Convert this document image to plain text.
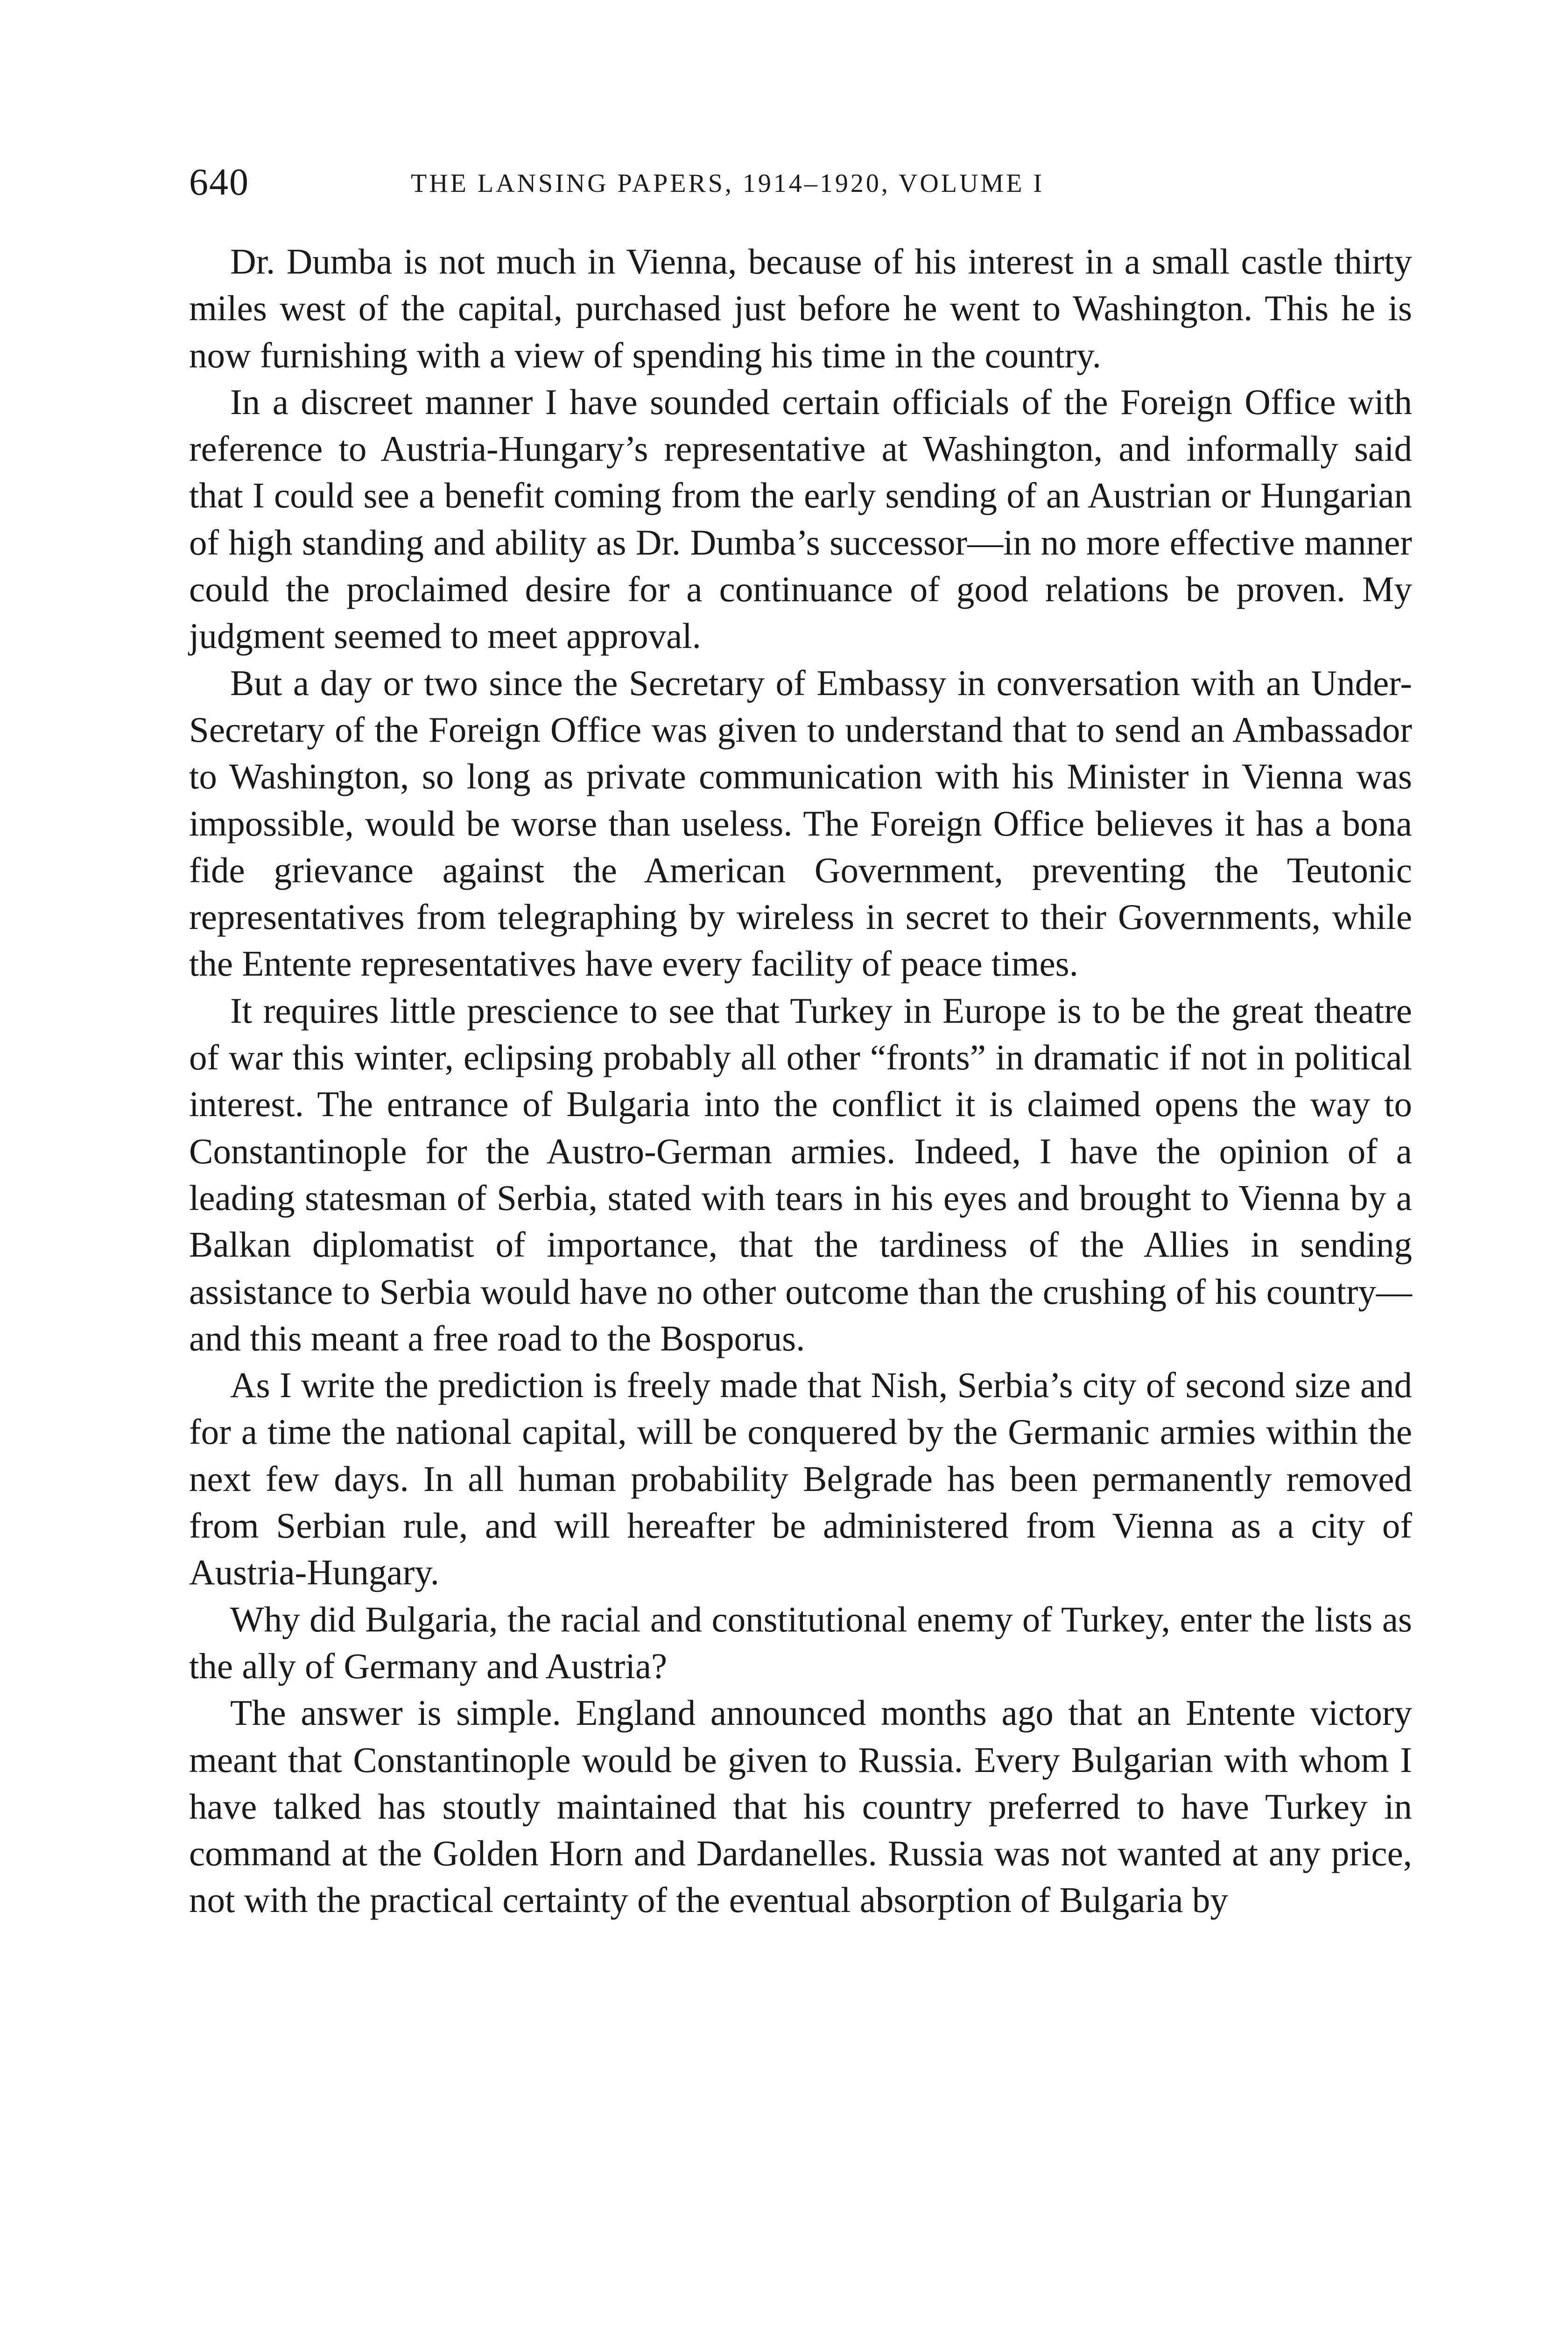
640	THE LANSING PAPERS, 1914–1920, VOLUME I

Dr. Dumba is not much in Vienna, because of his interest in a small castle thirty miles west of the capital, purchased just before he went to Washington. This he is now furnishing with a view of spending his time in the country.

In a discreet manner I have sounded certain officials of the Foreign Office with reference to Austria-Hungary’s representative at Washington, and informally said that I could see a benefit coming from the early sending of an Austrian or Hungarian of high standing and ability as Dr. Dumba’s successor—in no more effective manner could the proclaimed desire for a continuance of good relations be proven. My judgment seemed to meet approval.

But a day or two since the Secretary of Embassy in conversation with an Under-Secretary of the Foreign Office was given to understand that to send an Ambassador to Washington, so long as private communication with his Minister in Vienna was impossible, would be worse than useless. The Foreign Office believes it has a bona fide grievance against the American Government, preventing the Teutonic representatives from telegraphing by wireless in secret to their Governments, while the Entente representatives have every facility of peace times.

It requires little prescience to see that Turkey in Europe is to be the great theatre of war this winter, eclipsing probably all other “fronts” in dramatic if not in political interest. The entrance of Bulgaria into the conflict it is claimed opens the way to Constantinople for the Austro-German armies. Indeed, I have the opinion of a leading statesman of Serbia, stated with tears in his eyes and brought to Vienna by a Balkan diplomatist of importance, that the tardiness of the Allies in sending assistance to Serbia would have no other outcome than the crushing of his country—and this meant a free road to the Bosporus.

As I write the prediction is freely made that Nish, Serbia’s city of second size and for a time the national capital, will be conquered by the Germanic armies within the next few days. In all human probability Belgrade has been permanently removed from Serbian rule, and will hereafter be administered from Vienna as a city of Austria-Hungary.

Why did Bulgaria, the racial and constitutional enemy of Turkey, enter the lists as the ally of Germany and Austria?

The answer is simple. England announced months ago that an Entente victory meant that Constantinople would be given to Russia. Every Bulgarian with whom I have talked has stoutly maintained that his country preferred to have Turkey in command at the Golden Horn and Dardanelles. Russia was not wanted at any price, not with the practical certainty of the eventual absorption of Bulgaria by
